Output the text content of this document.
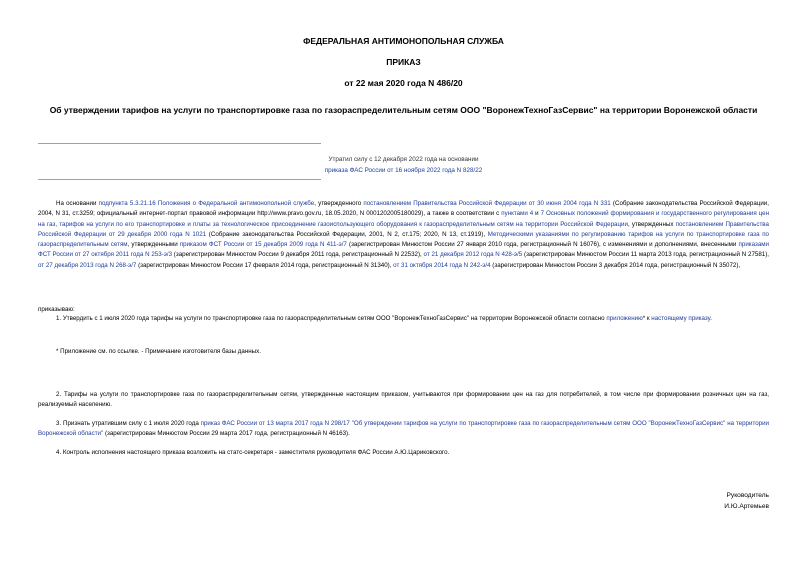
ФЕДЕРАЛЬНАЯ АНТИМОНОПОЛЬНАЯ СЛУЖБА
ПРИКАЗ
от 22 мая 2020 года N 486/20
Об утверждении тарифов на услуги по транспортировке газа по газораспределительным сетям ООО "ВоронежТехноГазСервис" на территории Воронежской области
Утратил силу с 12 декабря 2022 года на основании
приказа ФАС России от 16 ноября 2022 года N 828/22
На основании подпункта 5.3.21.16 Положения о Федеральной антимонопольной службе, утвержденного постановлением Правительства Российской Федерации от 30 июня 2004 года N 331 (Собрание законодательства Российской Федерации, 2004, N 31, ст.3259; официальный интернет-портал правовой информации http://www.pravo.gov.ru, 18.05.2020, N 0001202005180029), а также в соответствии с пунктами 4 и 7 Основных положений формирования и государственного регулирования цен на газ, тарифов на услуги по его транспортировке и платы за технологическое присоединение газоиспользующего оборудования к газораспределительным сетям на территории Российской Федерации, утвержденных постановлением Правительства Российской Федерации от 29 декабря 2000 года N 1021 (Собрание законодательства Российской Федерации, 2001, N 2, ст.175; 2020, N 13, ст.1919), Методическими указаниями по регулированию тарифов на услуги по транспортировке газа по газораспределительным сетям, утвержденными приказом ФСТ России от 15 декабря 2009 года N 411-э/7 (зарегистрирован Минюстом России 27 января 2010 года, регистрационный N 16076), с изменениями и дополнениями, внесенными приказами ФСТ России от 27 октября 2011 года N 253-э/3 (зарегистрирован Минюстом России 9 декабря 2011 года, регистрационный N 22532), от 21 декабря 2012 года N 428-э/5 (зарегистрирован Минюстом России 11 марта 2013 года, регистрационный N 27581), от 27 декабря 2013 года N 268-э/7 (зарегистрирован Минюстом России 17 февраля 2014 года, регистрационный N 31340), от 31 октября 2014 года N 242-э/4 (зарегистрирован Минюстом России 3 декабря 2014 года, регистрационный N 35072),
приказываю:
1. Утвердить с 1 июля 2020 года тарифы на услуги по транспортировке газа по газораспределительным сетям ООО "ВоронежТехноГазСервис" на территории Воронежской области согласно приложению* к настоящему приказу.
* Приложение см. по ссылке. - Примечание изготовителя базы данных.
2. Тарифы на услуги по транспортировке газа по газораспределительным сетям, утвержденные настоящим приказом, учитываются при формировании цен на газ для потребителей, в том числе при формировании розничных цен на газ, реализуемый населению.
3. Признать утратившим силу с 1 июля 2020 года приказ ФАС России от 13 марта 2017 года N 298/17 "Об утверждении тарифов на услуги по транспортировке газа по газораспределительным сетям ООО "ВоронежТехноГазСервис" на территории Воронежской области" (зарегистрирован Минюстом России 29 марта 2017 года, регистрационный N 46163).
4. Контроль исполнения настоящего приказа возложить на статс-секретаря - заместителя руководителя ФАС России А.Ю.Цариковского.
Руководитель
И.Ю.Артемьев
